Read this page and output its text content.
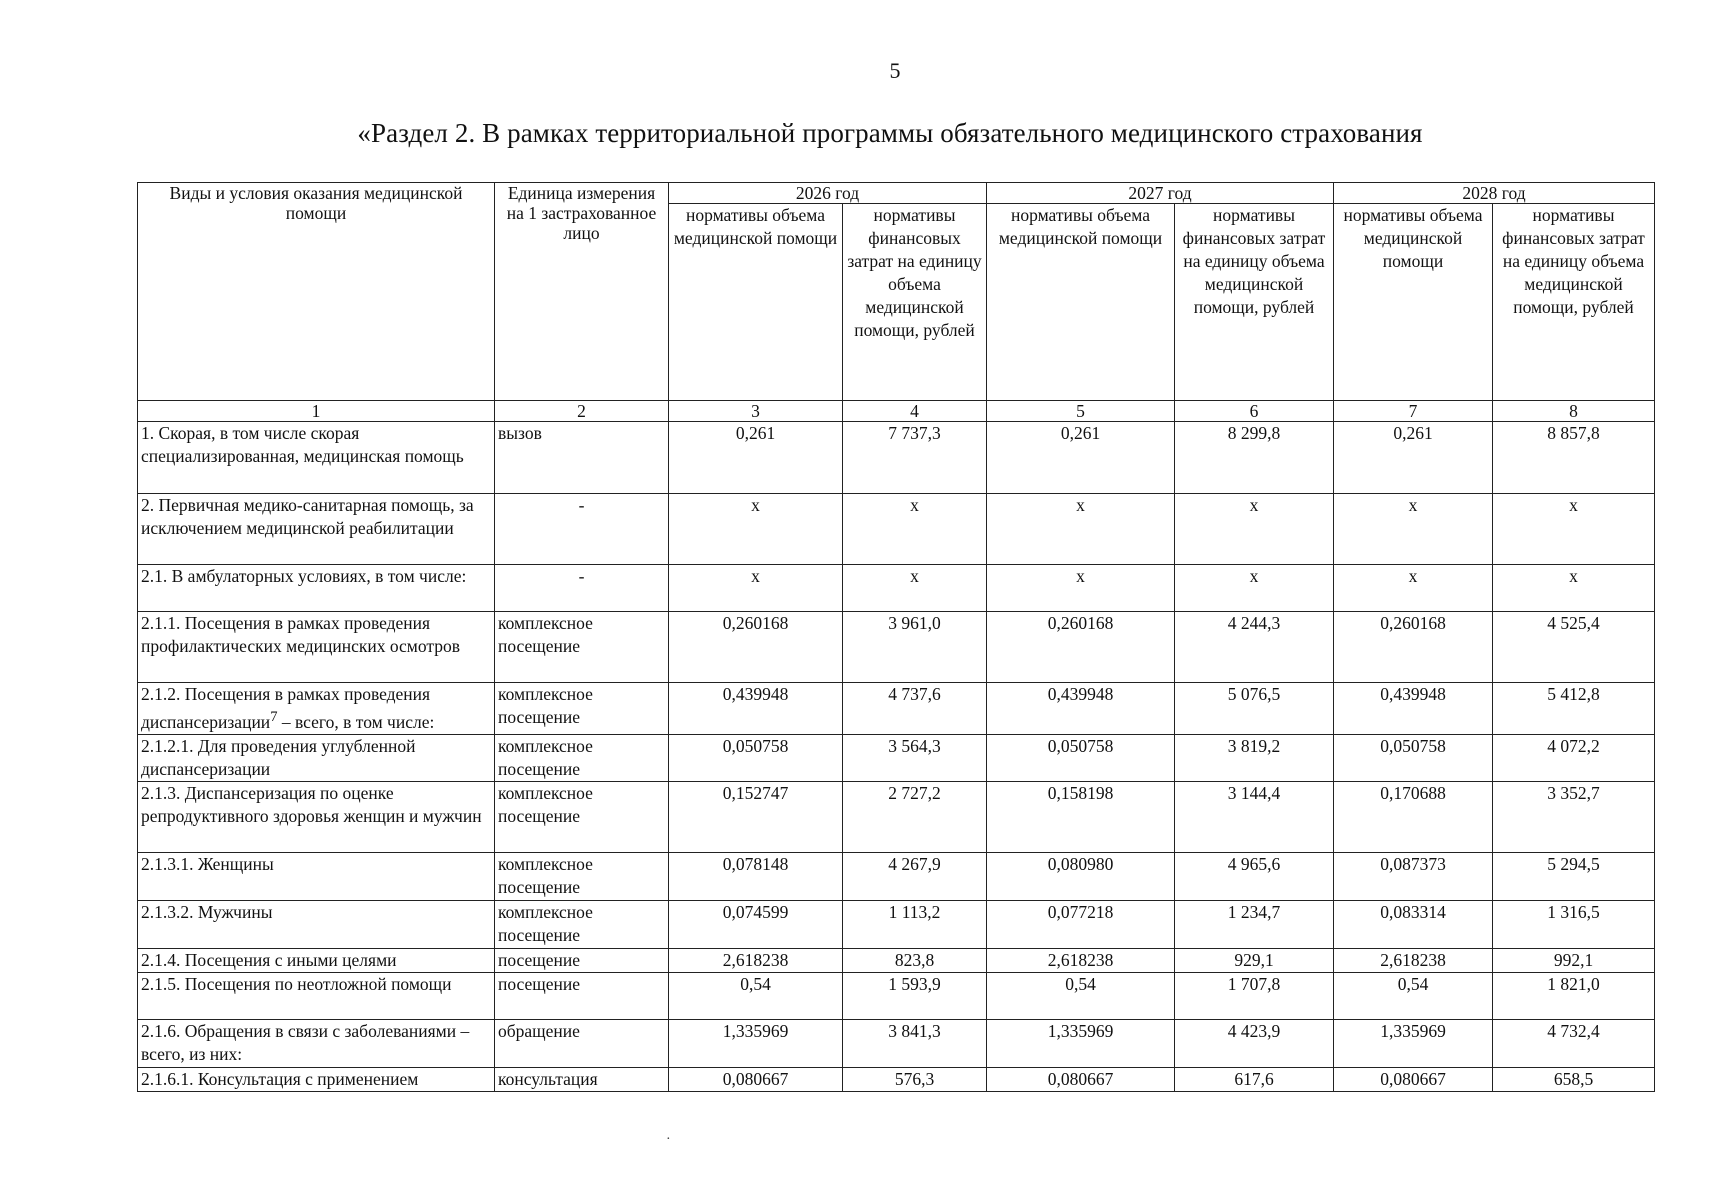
5
«Раздел 2. В рамках территориальной программы обязательного медицинского страхования
Виды и условия оказания медицинской помощи	Единица измерения на 1 застрахованное лицо	2026 год		2027 год		2028 год	
		нормативы объема медицинской помощи	нормативы финансовых затрат на единицу объема медицинской помощи, рублей	нормативы объема медицинской помощи	нормативы финансовых затрат на единицу объема медицинской помощи, рублей	нормативы объема медицинской помощи	нормативы финансовых затрат на единицу объема медицинской помощи, рублей
1	2	3	4	5	6	7	8
1. Скорая, в том числе скорая специализированная, медицинская помощь	вызов	0,261	7 737,3	0,261	8 299,8	0,261	8 857,8
2. Первичная медико-санитарная помощь, за исключением медицинской реабилитации	-	х	х	х	х	х	х
2.1. В амбулаторных условиях, в том числе:	-	х	х	х	х	х	х
2.1.1. Посещения в рамках проведения профилактических медицинских осмотров	комплексное посещение	0,260168	3 961,0	0,260168	4 244,3	0,260168	4 525,4
2.1.2. Посещения в рамках проведения диспансеризации$^7$ – всего, в том числе:	комплексное посещение	0,439948	4 737,6	0,439948	5 076,5	0,439948	5 412,8
2.1.2.1. Для проведения углубленной диспансеризации	комплексное посещение	0,050758	3 564,3	0,050758	3 819,2	0,050758	4 072,2
2.1.3. Диспансеризация по оценке репродуктивного здоровья женщин и мужчин	комплексное посещение	0,152747	2 727,2	0,158198	3 144,4	0,170688	3 352,7
2.1.3.1. Женщины	комплексное посещение	0,078148	4 267,9	0,080980	4 965,6	0,087373	5 294,5
2.1.3.2. Мужчины	комплексное посещение	0,074599	1 113,2	0,077218	1 234,7	0,083314	1 316,5
2.1.4. Посещения с иными целями	посещение	2,618238	823,8	2,618238	929,1	2,618238	992,1
2.1.5. Посещения по неотложной помощи	посещение	0,54	1 593,9	0,54	1 707,8	0,54	1 821,0
2.1.6. Обращения в связи с заболеваниями – всего, из них:	обращение	1,335969	3 841,3	1,335969	4 423,9	1,335969	4 732,4
2.1.6.1. Консультация с применением	консультация	0,080667	576,3	0,080667	617,6	0,080667	658,5
·
